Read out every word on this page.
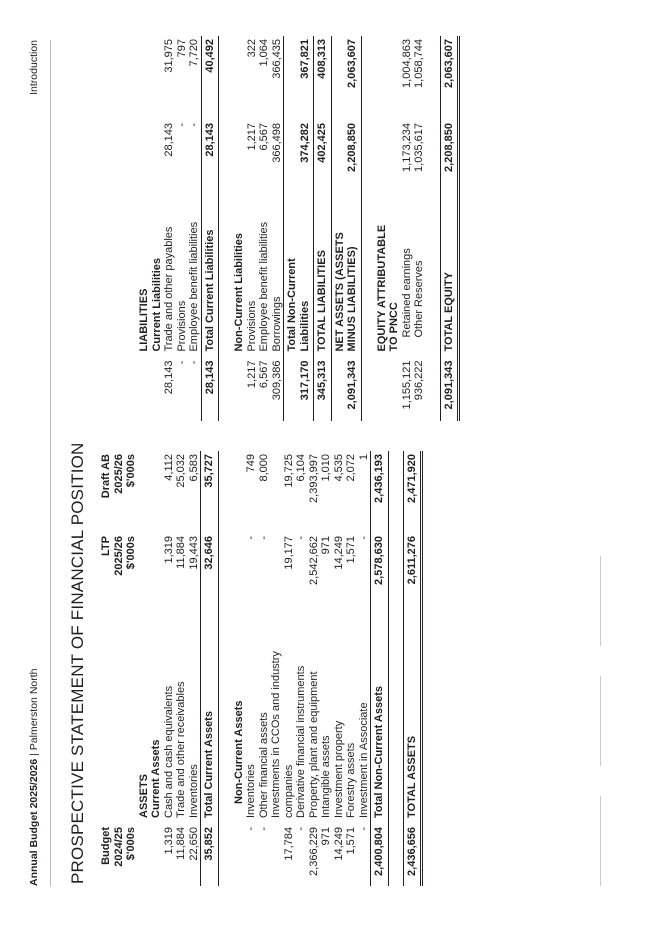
Annual Budget 2025/2026 | Palmerston North
Introduction
PROSPECTIVE STATEMENT OF FINANCIAL POSITION Budget		LTP	Draft AB
2024/25		2025/26	2025/26
$'000s		$'000s	$'000s
	ASSETS		
	Current Assets		
1,319	Cash and cash equivalents	1,319	4,112
11,884	Trade and other receivables	11,884	25,032
22,650	Inventories	19,443	6,583
35,852	Total Current Assets	32,646	35,727

	Non-Current Assets		
-	Inventories	-	749
-	Other financial assets	-	8,000
17,784	Investments in CCOs and industry companies	19,177	19,725
-	Derivative financial instruments	-	6,104
2,366,229	Property, plant and equipment	2,542,662	2,393,997
971	Intangible assets	971	1,010
14,249	Investment property	14,249	4,535
1,571	Forestry assets	1,571	2,072
-	Investment in Associate	-	1
2,400,804	Total Non-Current Assets	2,578,630	2,436,193

2,436,656	TOTAL ASSETS	2,611,276	2,471,920

	LIABILITIES		
	Current Liabilities		
28,143	Trade and other payables	28,143	31,975
-	Provisions	-	797
-	Employee benefit liabilities	-	7,720
28,143	Total Current Liabilities	28,143	40,492

	Non-Current Liabilities		
1,217	Provisions	1,217	322
6,567	Employee benefit liabilities	6,567	1,064
309,386	Borrowings	366,498	366,435
317,170	Total Non-Current Liabilities	374,282	367,821
345,313	TOTAL LIABILITIES	402,425	408,313
2,091,343	NET ASSETS (ASSETS MINUS LIABILITIES)	2,208,850	2,063,607

	EQUITY ATTRIBUTABLE TO PNCC		
1,155,121	Retained earnings	1,173,234	1,004,863
936,222	Other Reserves	1,035,617	1,058,744

2,091,343	TOTAL EQUITY	2,208,850	2,063,607
